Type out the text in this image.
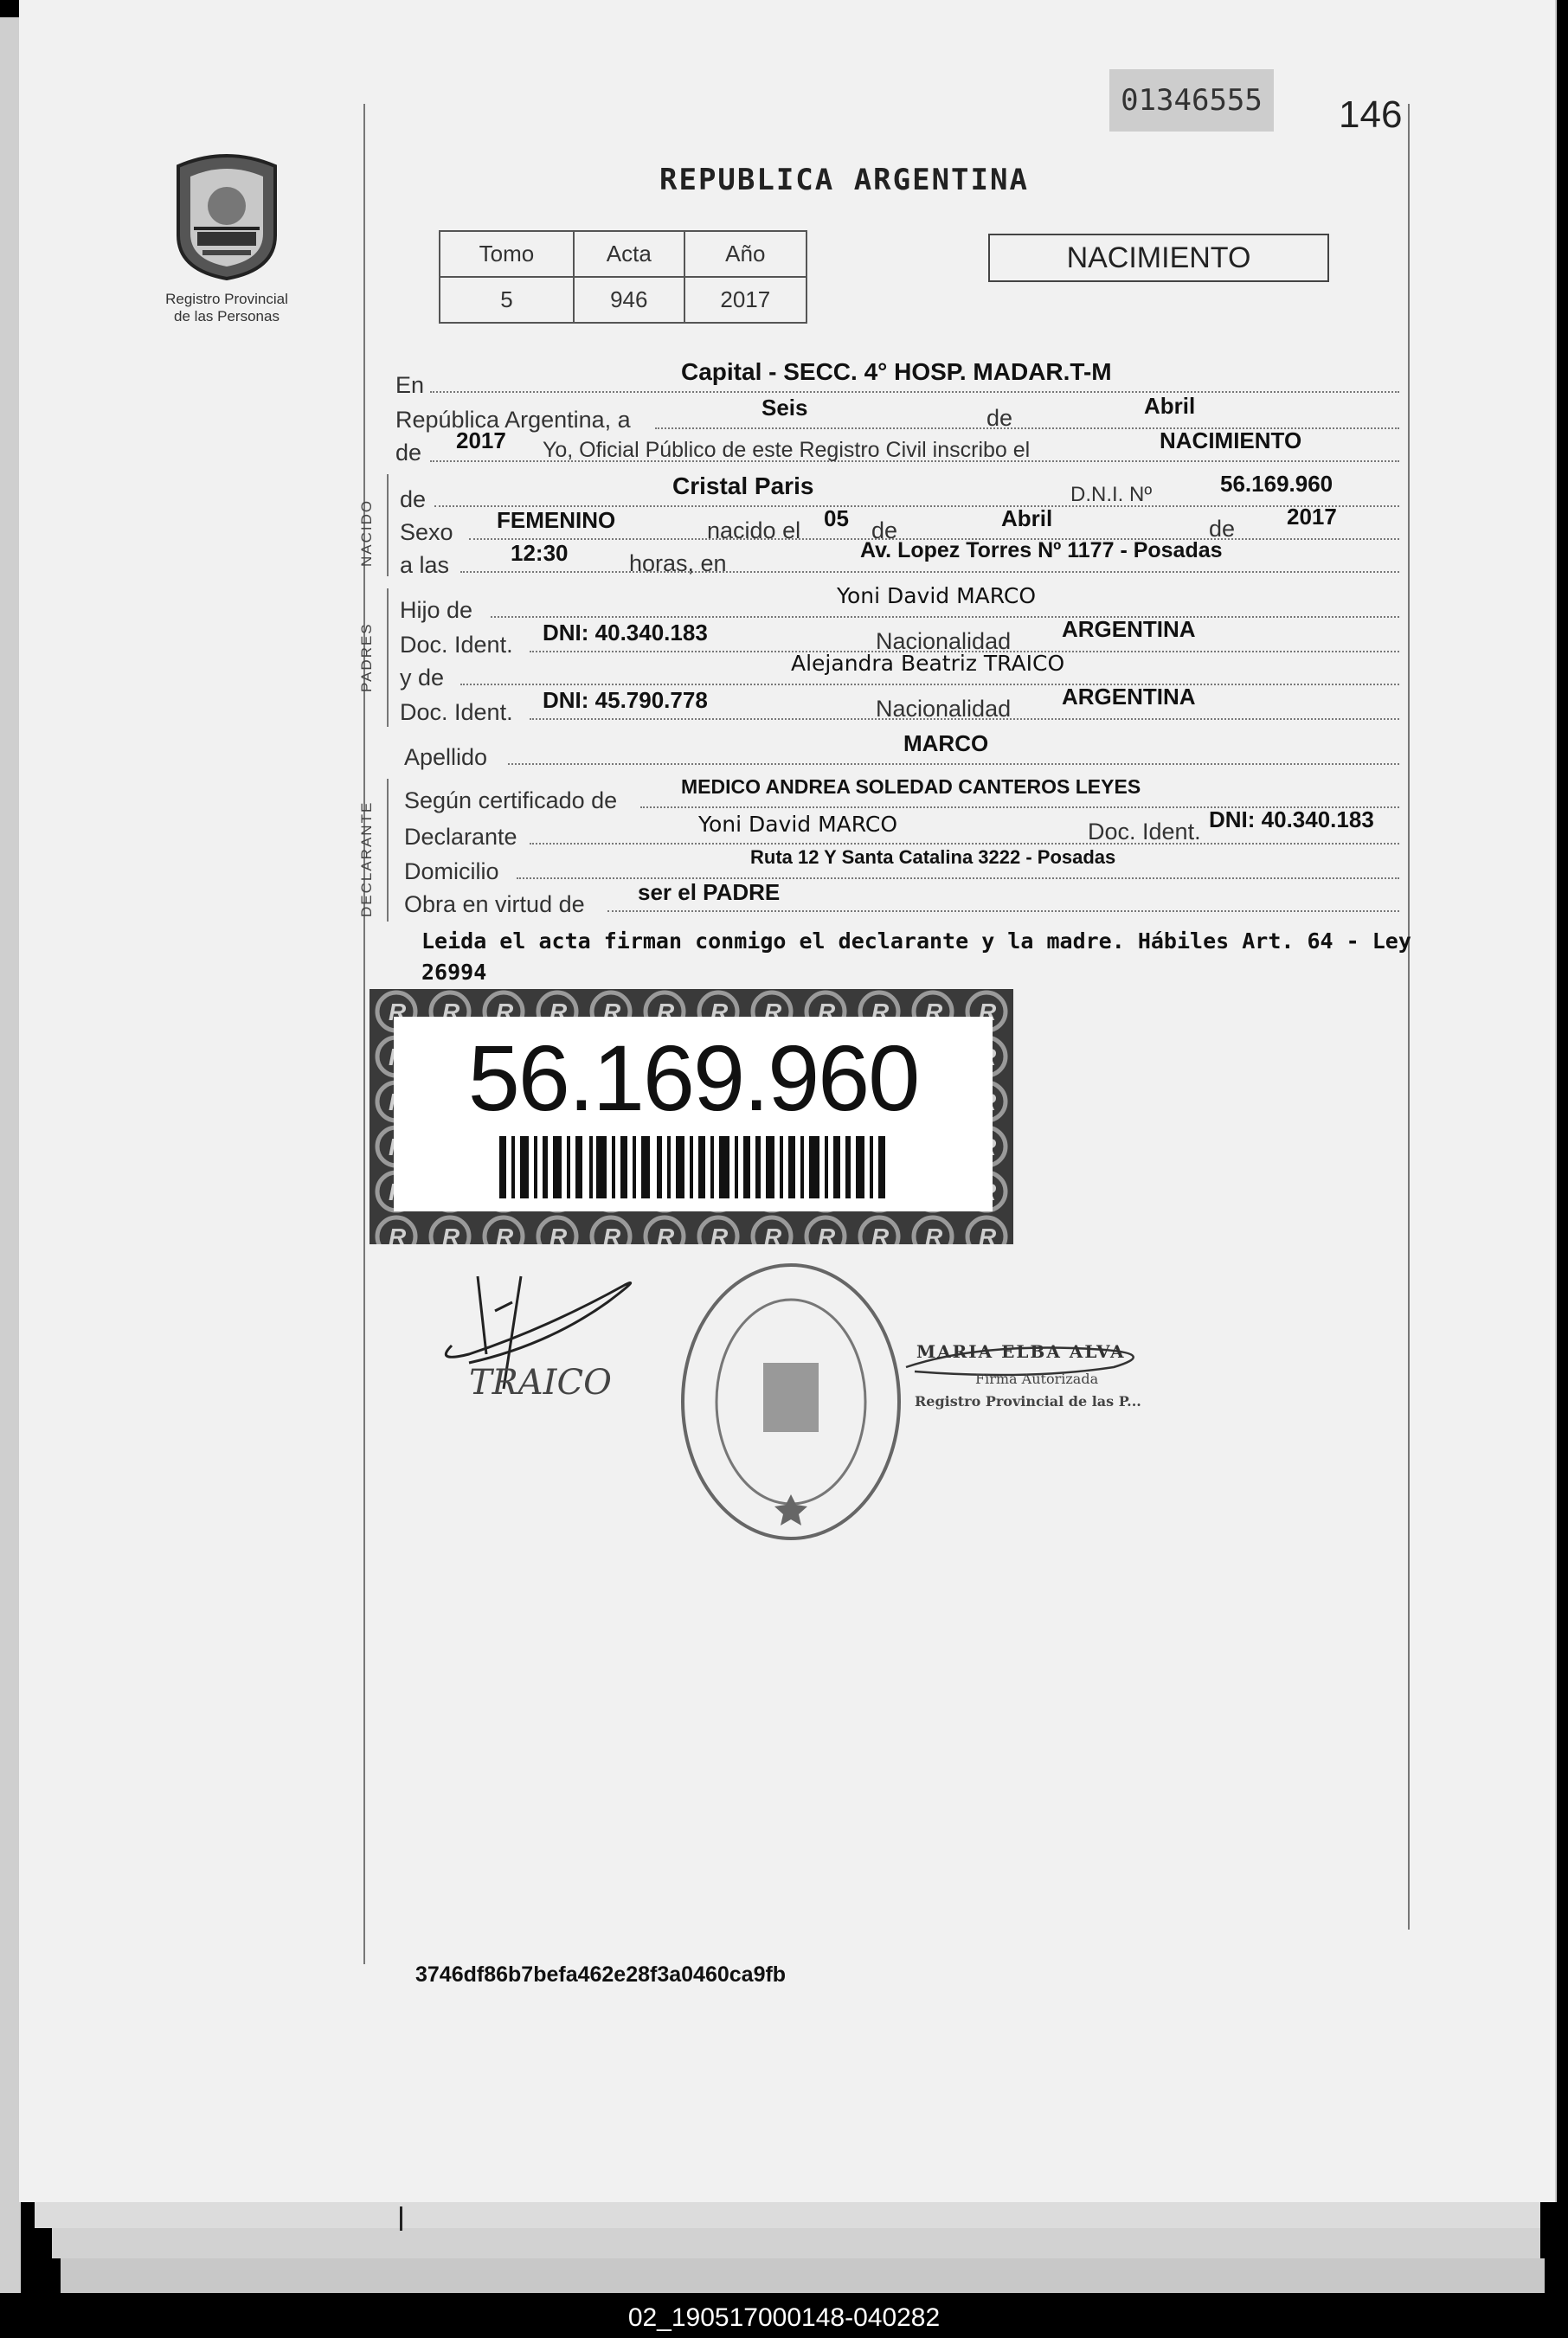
01346555 146
Registro Provincial
de las Personas
REPUBLICA ARGENTINA
Tomo	Acta	Año
5	946	2017
NACIMIENTO
En	Capital - SECC. 4° HOSP. MADAR.T-M
República Argentina, a	Seis	de	Abril
de 2017 Yo, Oficial Público de este Registro Civil inscribo el	NACIMIENTO
NACIDO de	Cristal Paris	D.N.I. Nº	56.169.960
Sexo FEMENINO	nacido el 05 de	Abril	de 2017
a las	12:30	horas, en	Av. Lopez Torres Nº 1177 - Posadas
PADRES
Hijo de
Yoni David MARCO
Doc. Ident. DNI: 40.340.183	Nacionalidad ARGENTINA
y de
Alejandra Beatriz TRAICO
Doc. Ident. DNI: 45.790.778	Nacionalidad ARGENTINA
Apellido
MARCO
DECLARANTE
Según certificado de
MEDICO ANDREA SOLEDAD CANTEROS LEYES
Declarante	Yoni David MARCO	Doc. Ident. DNI: 40.340.183
Domicilio
Ruta 12 Y Santa Catalina 3222 - Posadas
Obra en virtud de ser el PADRE
Leida el acta firman conmigo el declarante y la madre. Hábiles Art. 64 - Ley
26994
56.169.960
TRAICO
MARIA ELBA ALVA
Firma Autorizada
Registro Provincial de las P...
3746df86b7befa462e28f3a0460ca9fb
02_190517000148-040282
